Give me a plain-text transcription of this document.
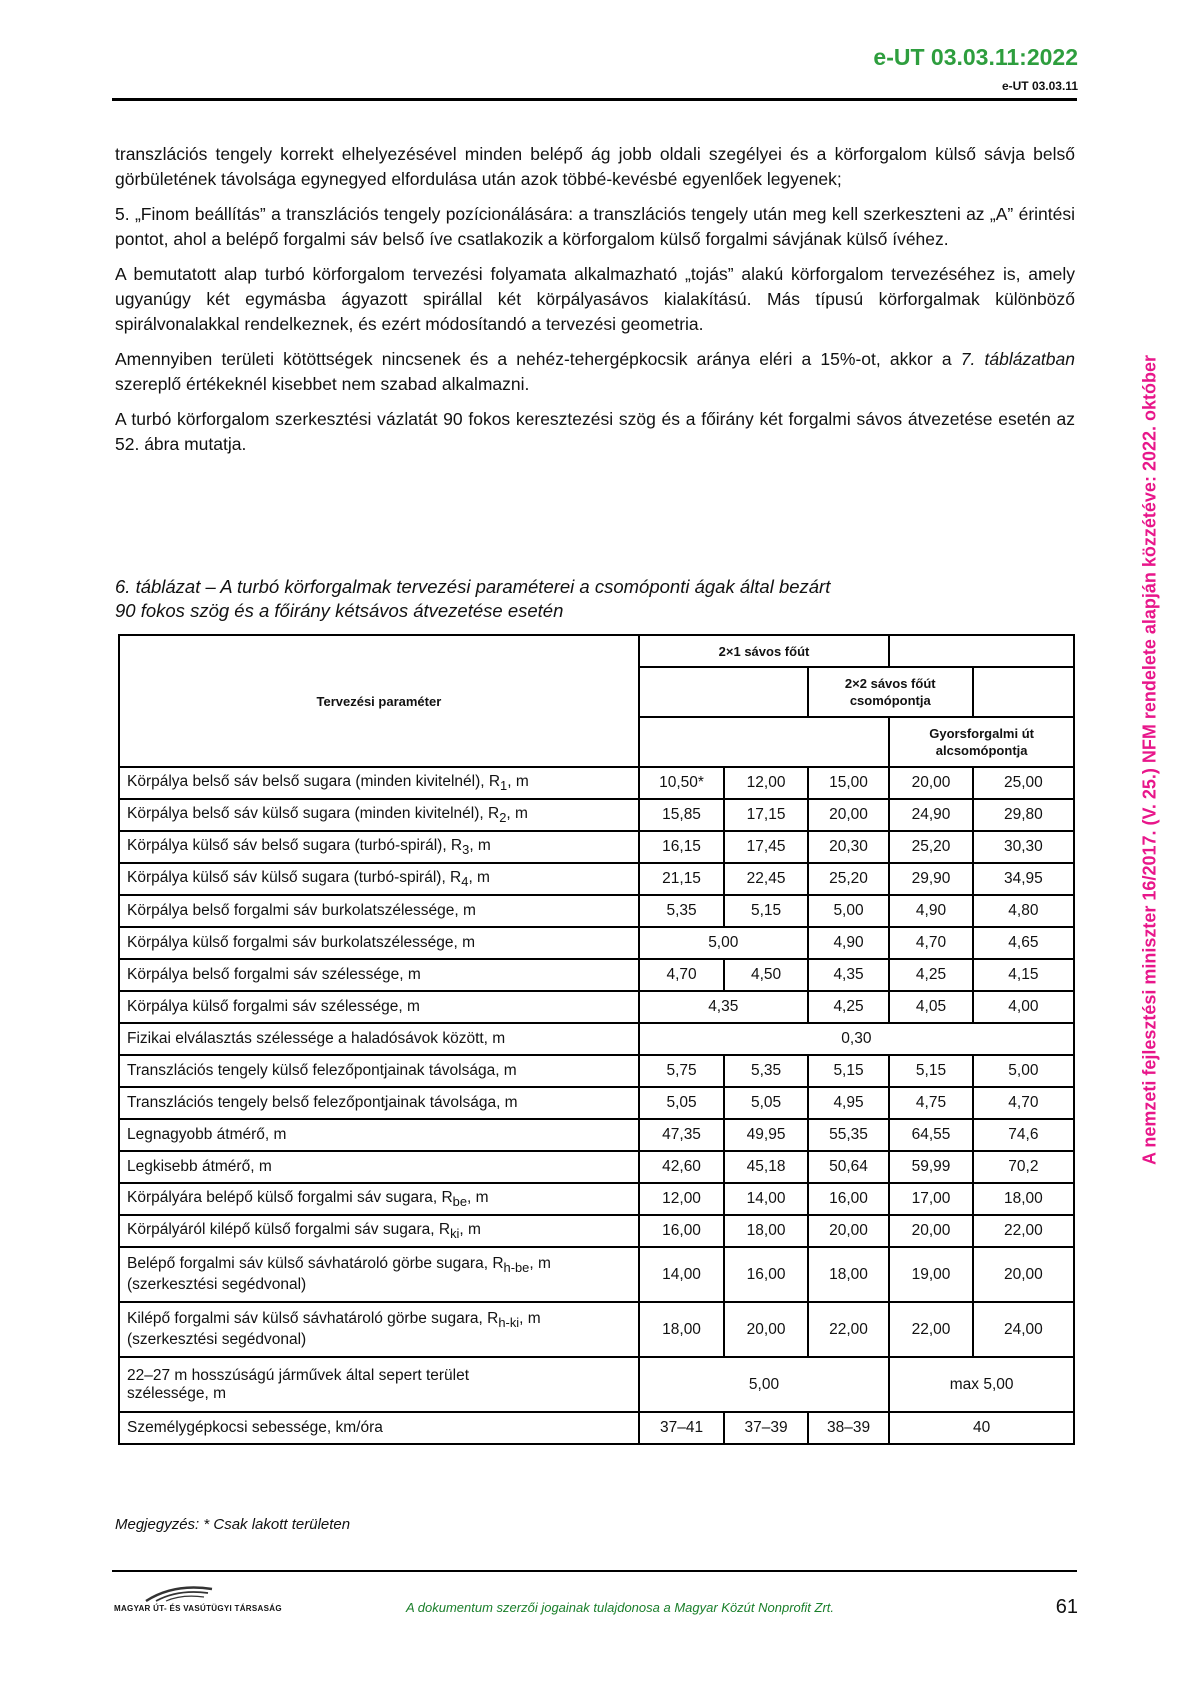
e-UT 03.03.11:2022
e-UT 03.03.11

transzlációs tengely korrekt elhelyezésével minden belépő ág jobb oldali szegélyei és a körforgalom külső sávja belső görbületének távolsága egynegyed elfordulása után azok többé-kevésbé egyenlőek legyenek;

5. „Finom beállítás” a transzlációs tengely pozícionálására: a transzlációs tengely után meg kell szerkeszteni az „A” érintési pontot, ahol a belépő forgalmi sáv belső íve csatlakozik a körforgalom külső forgalmi sávjának külső ívéhez.

A bemutatott alap turbó körforgalom tervezési folyamata alkalmazható „tojás” alakú körforgalom tervezéséhez is, amely ugyanúgy két egymásba ágyazott spirállal két körpályasávos kialakítású. Más típusú körforgalmak különböző spirálvonalakkal rendelkeznek, és ezért módosítandó a tervezési geometria.

Amennyiben területi kötöttségek nincsenek és a nehéz-tehergépkocsik aránya eléri a 15%-ot, akkor a 7. táblázatban szereplő értékeknél kisebbet nem szabad alkalmazni.

A turbó körforgalom szerkesztési vázlatát 90 fokos keresztezési szög és a főirány két forgalmi sávos átvezetése esetén az 52. ábra mutatja.

6. táblázat – A turbó körforgalmak tervezési paraméterei a csomóponti ágak által bezárt
90 fokos szög és a főirány kétsávos átvezetése esetén
Tervezési paraméter	2×1 sávos főút				

			2×2 sávos főút
csomópontja		

				Gyorsforgalmi út
alcsomópontja	

Körpálya belső sáv belső sugara (minden kivitelnél), $R_1$, m	10,50*	12,00	15,00	20,00	25,00

Körpálya belső sáv külső sugara (minden kivitelnél), $R_2$, m	15,85	17,15	20,00	24,90	29,80

Körpálya külső sáv belső sugara (turbó-spirál), $R_3$, m	16,15	17,45	20,30	25,20	30,30

Körpálya külső sáv külső sugara (turbó-spirál), $R_4$, m	21,15	22,45	25,20	29,90	34,95

Körpálya belső forgalmi sáv burkolatszélessége, m	5,35	5,15	5,00	4,90	4,80

Körpálya külső forgalmi sáv burkolatszélessége, m	5,00		4,90	4,70	4,65

Körpálya belső forgalmi sáv szélessége, m	4,70	4,50	4,35	4,25	4,15

Körpálya külső forgalmi sáv szélessége, m	4,35		4,25	4,05	4,00

Fizikai elválasztás szélessége a haladósávok között, m	0,30				

Transzlációs tengely külső felezőpontjainak távolsága, m	5,75	5,35	5,15	5,15	5,00

Transzlációs tengely belső felezőpontjainak távolsága, m	5,05	5,05	4,95	4,75	4,70

Legnagyobb átmérő, m	47,35	49,95	55,35	64,55	74,6

Legkisebb átmérő, m	42,60	45,18	50,64	59,99	70,2

Körpályára belépő külső forgalmi sáv sugara, $R_{be}$, m	12,00	14,00	16,00	17,00	18,00

Körpályáról kilépő külső forgalmi sáv sugara, $R_{ki}$, m	16,00	18,00	20,00	20,00	22,00

Belépő forgalmi sáv külső sávhatároló görbe sugara, $R_{h-be}$, m
(szerkesztési segédvonal)	14,00	16,00	18,00	19,00	20,00

Kilépő forgalmi sáv külső sávhatároló görbe sugara, $R_{h-ki}$, m
(szerkesztési segédvonal)	18,00	20,00	22,00	22,00	24,00

22–27 m hosszúságú járművek által sepert terület
szélessége, m	5,00			max 5,00	

Személygépkocsi sebessége, km/óra	37–41	37–39	38–39	40	
Megjegyzés: * Csak lakott területen
MAGYAR ÚT- ÉS VASÚTÜGYI TÁRSASÁG	A dokumentum szerzői jogainak tulajdonosa a Magyar Közút Nonprofit Zrt.	61
A nemzeti fejlesztési miniszter 16/2017. (V. 25.) NFM rendelete alapján közzétéve: 2022. október
